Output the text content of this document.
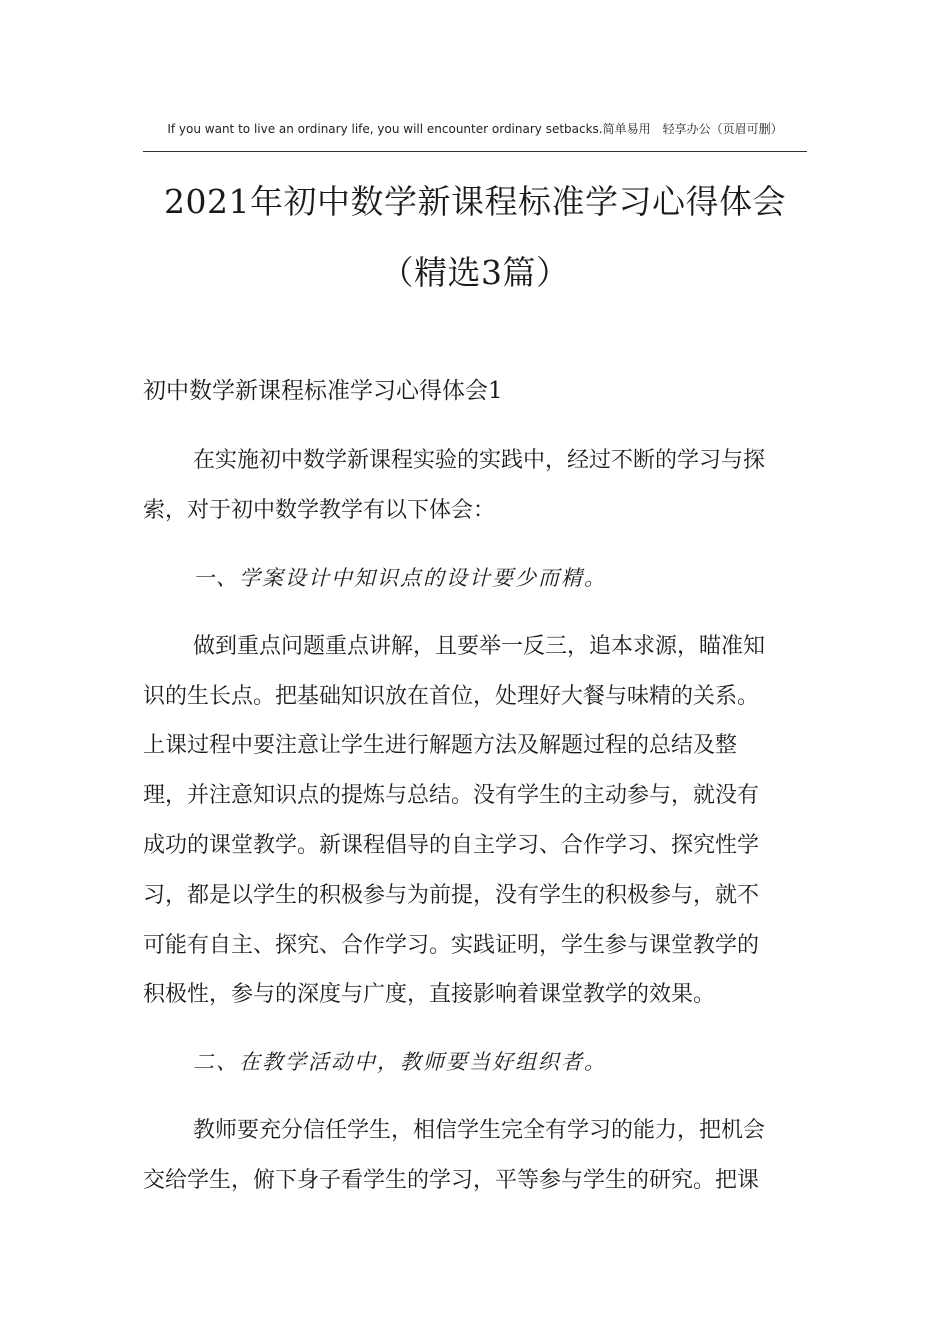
If you want to live an ordinary life, you will encounter ordinary setbacks.简单易用　轻享办公（页眉可删）
2021年初中数学新课程标准学习心得体会
（精选3篇）
初中数学新课程标准学习心得体会1
在实施初中数学新课程实验的实践中，经过不断的学习与探
索，对于初中数学教学有以下体会：
一、学案设计中知识点的设计要少而精。
做到重点问题重点讲解，且要举一反三，追本求源，瞄准知
识的生长点。把基础知识放在首位，处理好大餐与味精的关系。
上课过程中要注意让学生进行解题方法及解题过程的总结及整
理，并注意知识点的提炼与总结。没有学生的主动参与，就没有
成功的课堂教学。新课程倡导的自主学习、合作学习、探究性学
习，都是以学生的积极参与为前提，没有学生的积极参与，就不
可能有自主、探究、合作学习。实践证明，学生参与课堂教学的
积极性，参与的深度与广度，直接影响着课堂教学的效果。
二、在教学活动中，教师要当好组织者。
教师要充分信任学生，相信学生完全有学习的能力，把机会
交给学生，俯下身子看学生的学习，平等参与学生的研究。把课
